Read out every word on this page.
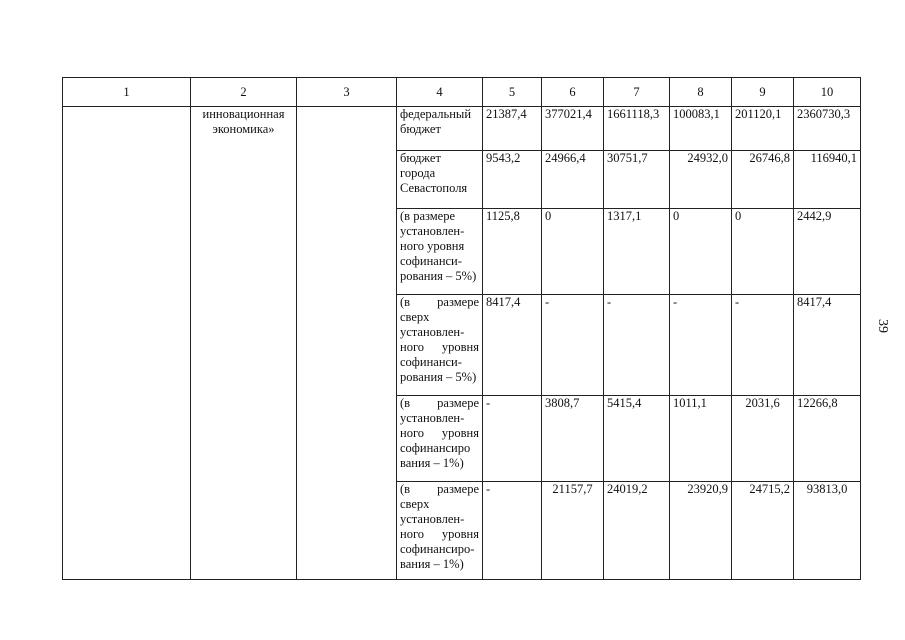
1	2	3	4	5	6	7	8	9	10
	инновационная экономика»		федеральный бюджет	21387,4	377021,4	1661118,3	100083,1	201120,1	2360730,3
			бюджет города Севастополя	9543,2	24966,4	30751,7	24932,0	26746,8	116940,1
			(в размере установлен-ного уровня софинанси-рования – 5%)	1125,8	0	1317,1	0	0	2442,9
			(в размере сверх установлен-ного уровня софинанси-рования – 5%)	8417,4	-	-	-	-	8417,4
			(в размере установлен-ного уровня софинансиро вания – 1%)	-	3808,7	5415,4	1011,1	2031,6	12266,8
			(в размере сверх установлен-ного уровня софинансиро-вания – 1%)	-	21157,7	24019,2	23920,9	24715,2	93813,0
39
